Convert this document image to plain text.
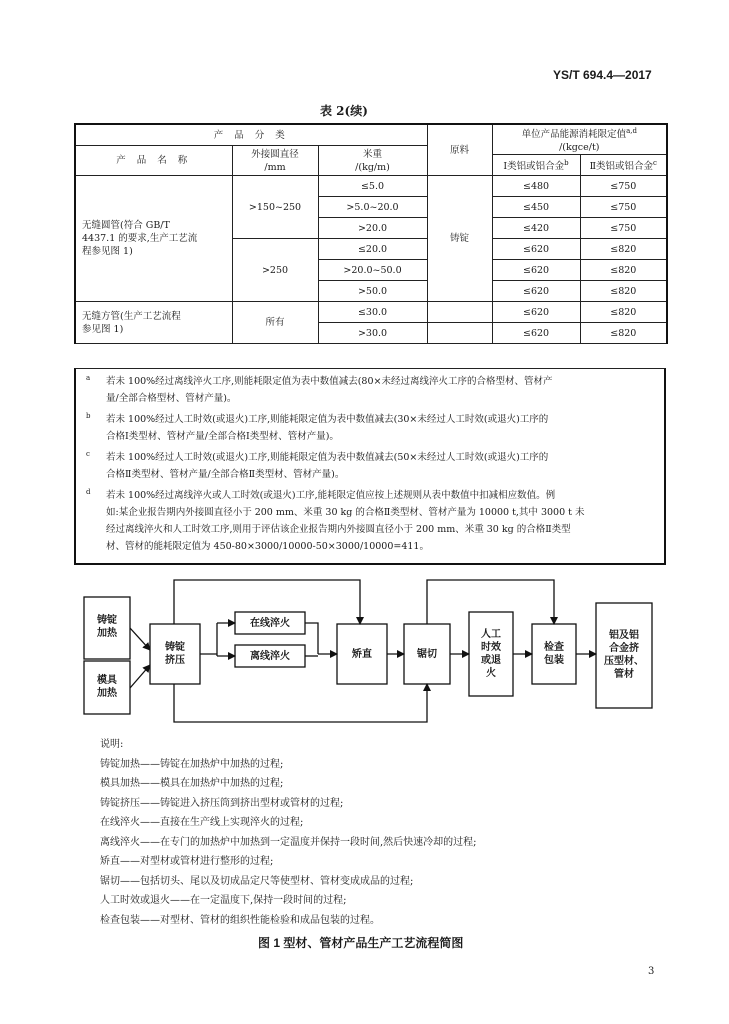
YS/T 694.4—2017
表 2(续)
产 品 分 类			原料	单位产品能源消耗限定值$^{a,d}$
/(kgce/t)	
产 品 名 称	外接圆直径
/mm	米重
/(kg/m)			
				Ⅰ类铝或铝合金$^b$	Ⅱ类铝或铝合金$^c$
无缝圆管(符合 GB/T
4437.1 的要求,生产工艺流
程参见图 1)	>150~250	≤5.0	铸锭	≤480	≤750
		>5.0~20.0		≤450	≤750
		>20.0		≤420	≤750
	>250	≤20.0		≤620	≤820
		>20.0~50.0		≤620	≤820
		>50.0		≤620	≤820
无缝方管(生产工艺流程
参见图 1)	所有	≤30.0		≤620	≤820
		>30.0		≤620	≤820
a 若未 100%经过离线淬火工序,则能耗限定值为表中数值减去(80×未经过离线淬火工序的合格型材、管材产
量/全部合格型材、管材产量)。
b 若未 100%经过人工时效(或退火)工序,则能耗限定值为表中数值减去(30×未经过人工时效(或退火)工序的
合格Ⅰ类型材、管材产量/全部合格Ⅰ类型材、管材产量)。
c 若未 100%经过人工时效(或退火)工序,则能耗限定值为表中数值减去(50×未经过人工时效(或退火)工序的
合格Ⅱ类型材、管材产量/全部合格Ⅱ类型材、管材产量)。
d 若未 100%经过离线淬火或人工时效(或退火)工序,能耗限定值应按上述规则从表中数值中扣减相应数值。例
如:某企业报告期内外接圆直径小于 200 mm、米重 30 kg 的合格Ⅱ类型材、管材产量为 10000 t,其中 3000 t 未
经过离线淬火和人工时效工序,则用于评估该企业报告期内外接圆直径小于 200 mm、米重 30 kg 的合格Ⅱ类型
材、管材的能耗限定值为 450-80×3000/10000-50×3000/10000=411。
铸锭
加热
模具
加热
铸锭
挤压
在线淬火
离线淬火	矫直	锯切
人工
时效
或退
火
检查
包装
铝及铝
合金挤
压型材、
管材
说明:
铸锭加热——铸锭在加热炉中加热的过程;
模具加热——模具在加热炉中加热的过程;
铸锭挤压——铸锭进入挤压筒到挤出型材或管材的过程;
在线淬火——直接在生产线上实现淬火的过程;
离线淬火——在专门的加热炉中加热到一定温度并保持一段时间,然后快速冷却的过程;
矫直——对型材或管材进行整形的过程;
锯切——包括切头、尾以及切成品定尺等使型材、管材变成成品的过程;
人工时效或退火——在一定温度下,保持一段时间的过程;
检查包装——对型材、管材的组织性能检验和成品包装的过程。
图 1 型材、管材产品生产工艺流程简图
3
